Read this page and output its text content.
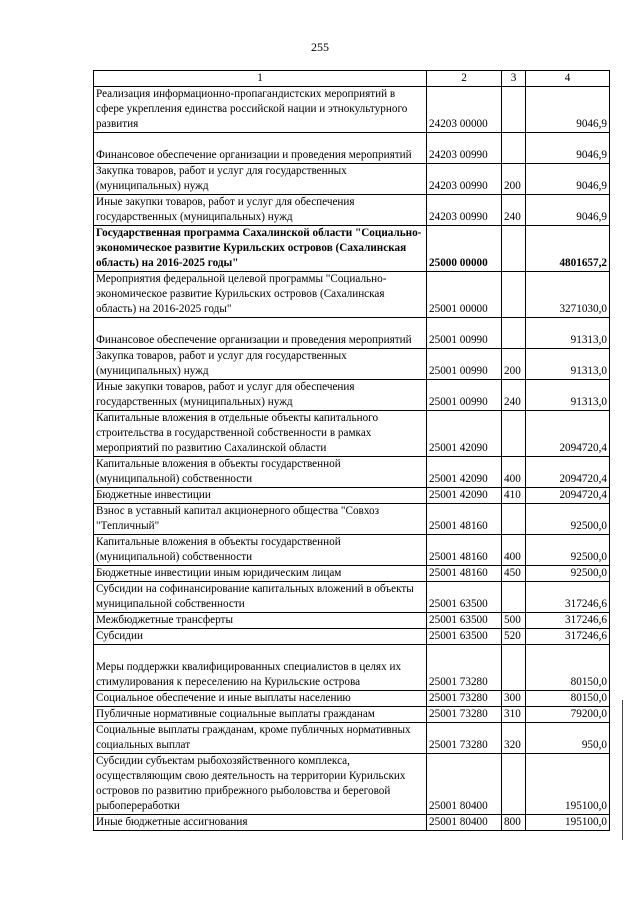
255
1	2	3	4
Реализация информационно-пропагандистских мероприятий в сфере укрепления единства российской нации и этнокультурного развития	24203 00000		9046,9
Финансовое обеспечение организации и проведения мероприятий	24203 00990		9046,9
Закупка товаров, работ и услуг для государственных (муниципальных) нужд	24203 00990	200	9046,9
Иные закупки товаров, работ и услуг для обеспечения государственных (муниципальных) нужд	24203 00990	240	9046,9
Государственная программа Сахалинской области "Социально-экономическое развитие Курильских островов (Сахалинская область) на 2016-2025 годы"	25000 00000		4801657,2
Мероприятия федеральной целевой программы "Социально-экономическое развитие Курильских островов (Сахалинская область) на 2016-2025 годы"	25001 00000		3271030,0
Финансовое обеспечение организации и проведения мероприятий	25001 00990		91313,0
Закупка товаров, работ и услуг для государственных (муниципальных) нужд	25001 00990	200	91313,0
Иные закупки товаров, работ и услуг для обеспечения государственных (муниципальных) нужд	25001 00990	240	91313,0
Капитальные вложения в отдельные объекты капитального строительства в государственной собственности в рамках мероприятий по развитию Сахалинской области	25001 42090		2094720,4
Капитальные вложения в объекты государственной (муниципальной) собственности	25001 42090	400	2094720,4
Бюджетные инвестиции	25001 42090	410	2094720,4
Взнос в уставный капитал акционерного общества "Совхоз "Тепличный"	25001 48160		92500,0
Капитальные вложения в объекты государственной (муниципальной) собственности	25001 48160	400	92500,0
Бюджетные инвестиции иным юридическим лицам	25001 48160	450	92500,0
Субсидии на софинансирование капитальных вложений в объекты муниципальной собственности	25001 63500		317246,6
Межбюджетные трансферты	25001 63500	500	317246,6
Субсидии	25001 63500	520	317246,6
Меры поддержки квалифицированных специалистов в целях их стимулирования к переселению на Курильские острова	25001 73280		80150,0
Социальное обеспечение и иные выплаты населению	25001 73280	300	80150,0
Публичные нормативные социальные выплаты гражданам	25001 73280	310	79200,0
Социальные выплаты гражданам, кроме публичных нормативных социальных выплат	25001 73280	320	950,0
Субсидии субъектам рыбохозяйственного комплекса, осуществляющим свою деятельность на территории Курильских островов по развитию прибрежного рыболовства и береговой рыбопереработки	25001 80400		195100,0
Иные бюджетные ассигнования	25001 80400	800	195100,0
